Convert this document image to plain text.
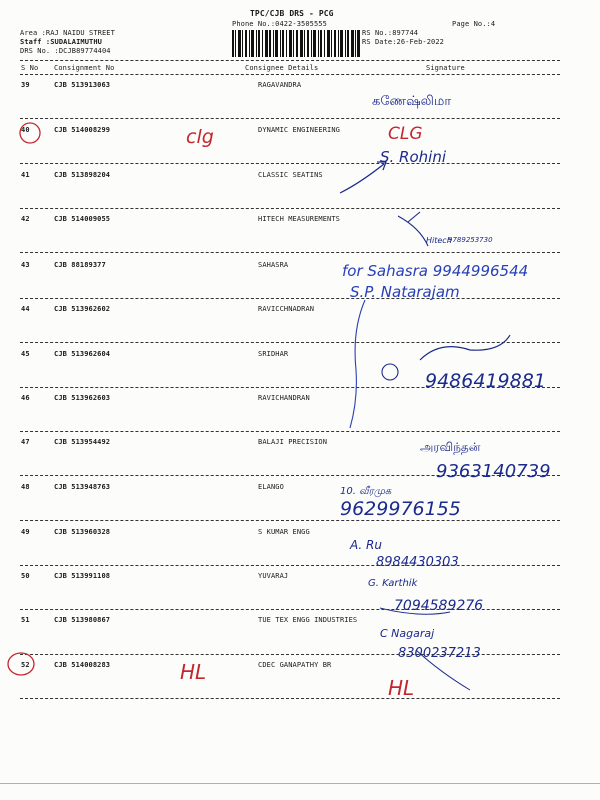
TPC/CJB DRS - PCG
Phone No.:0422-3505555
Area :RAJ NAIDU STREET
Staff :SUDALAIMUTHU
DRS No. :DCJB89774404
RS No.:897744
RS Date:26-Feb-2022
Page No.:4
S No Consignment No	Consignee Details	Signature
39	CJB 513913063	RAGAVANDRA
40	CJB 514008299	DYNAMIC ENGINEERING
41	CJB 513898204	CLASSIC SEATINS
42	CJB 514009055	HITECH MEASUREMENTS
43	CJB 88189377	SAHASRA
44	CJB 513962602	RAVICCHNADRAN
45	CJB 513962604	SRIDHAR
46	CJB 513962603	RAVICHANDRAN
47	CJB 513954492	BALAJI PRECISION
48	CJB 513948763	ELANGO
49	CJB 513960328	S KUMAR ENGG
50	CJB 513991108	YUVARAJ
51	CJB 513980867	TUE TEX ENGG INDUSTRIES
52	CJB 514008283	CDEC GANAPATHY BR
கணேஷ்லிமா
clg	CLG
S. Rohini
Hitech
9789253730
for Sahasra 9944996544
S.P. Natarajam
9486419881
அரவிந்தன்
9363140739
10. வீரமுக
9629976155
A. Ru
8984430303
G. Karthik
7094589276
C Nagaraj
8300237213
HL
HL
